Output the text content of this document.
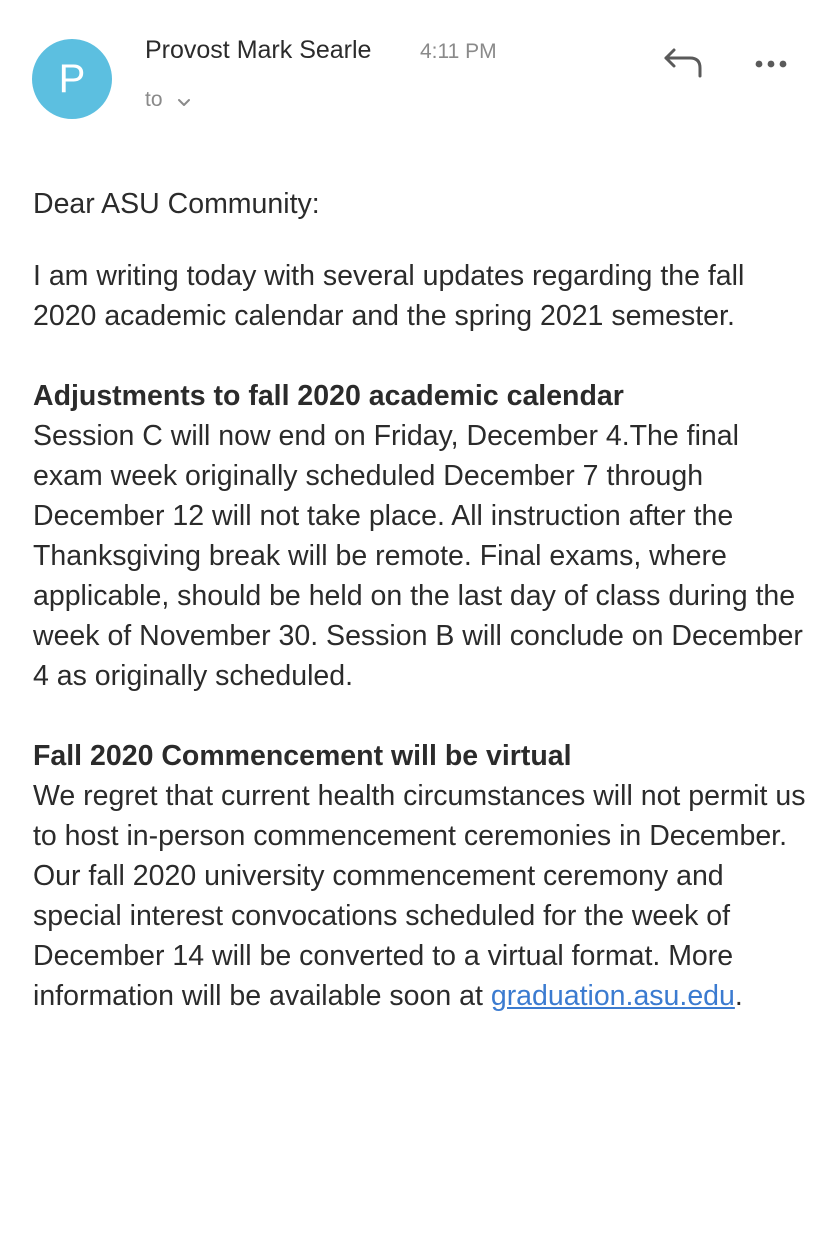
P
Provost Mark Searle 4:11 PM
to

Dear ASU Community:

I am writing today with several updates regarding the fall 2020 academic calendar and the spring 2021 semester.

Adjustments to fall 2020 academic calendar

Session C will now end on Friday, December 4.The final exam week originally scheduled December 7 through December 12 will not take place. All instruction after the Thanksgiving break will be remote. Final exams, where applicable, should be held on the last day of class during the week of November 30. Session B will conclude on December 4 as originally scheduled.

Fall 2020 Commencement will be virtual

We regret that current health circumstances will not permit us to host in-person commencement ceremonies in December. Our fall 2020 university commencement ceremony and special interest convocations scheduled for the week of December 14 will be converted to a virtual format. More information will be available soon at graduation.asu.edu.
